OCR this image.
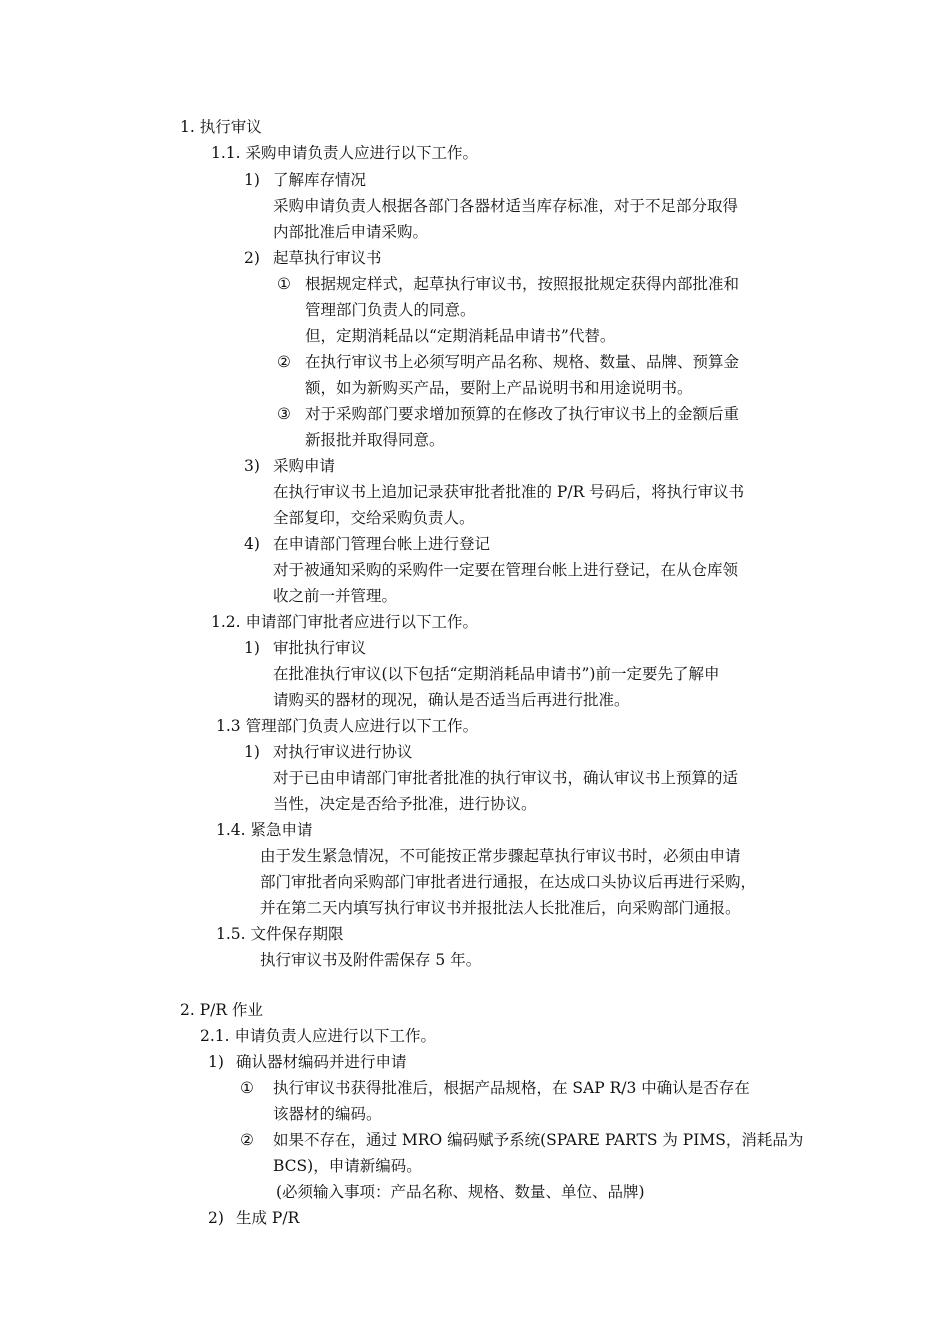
1. 执行审议
1.1. 采购申请负责人应进行以下工作。
1) 了解库存情况
采购申请负责人根据各部门各器材适当库存标准，对于不足部分取得
内部批准后申请采购。
2) 起草执行审议书
① 根据规定样式，起草执行审议书，按照报批规定获得内部批准和
管理部门负责人的同意。
但，定期消耗品以“定期消耗品申请书”代替。
② 在执行审议书上必须写明产品名称、规格、数量、品牌、预算金
额，如为新购买产品，要附上产品说明书和用途说明书。
③ 对于采购部门要求增加预算的在修改了执行审议书上的金额后重
新报批并取得同意。
3) 采购申请
在执行审议书上追加记录获审批者批准的 P/R 号码后，将执行审议书
全部复印，交给采购负责人。
4) 在申请部门管理台帐上进行登记
对于被通知采购的采购件一定要在管理台帐上进行登记，在从仓库领
收之前一并管理。
1.2. 申请部门审批者应进行以下工作。
1) 审批执行审议
在批准执行审议(以下包括“定期消耗品申请书”)前一定要先了解申
请购买的器材的现况，确认是否适当后再进行批准。
1.3 管理部门负责人应进行以下工作。
1) 对执行审议进行协议
对于已由申请部门审批者批准的执行审议书，确认审议书上预算的适
当性，决定是否给予批准，进行协议。
1.4. 紧急申请
由于发生紧急情况，不可能按正常步骤起草执行审议书时，必须由申请
部门审批者向采购部门审批者进行通报，在达成口头协议后再进行采购，
并在第二天内填写执行审议书并报批法人长批准后，向采购部门通报。
1.5. 文件保存期限
执行审议书及附件需保存 5 年。
2. P/R 作业
2.1. 申请负责人应进行以下工作。
1) 确认器材编码并进行申请
① 执行审议书获得批准后，根据产品规格，在 SAP R/3 中确认是否存在
该器材的编码。
② 如果不存在，通过 MRO 编码赋予系统(SPARE PARTS 为 PIMS，消耗品为
BCS)，申请新编码。
(必须输入事项：产品名称、规格、数量、单位、品牌)
2) 生成 P/R
